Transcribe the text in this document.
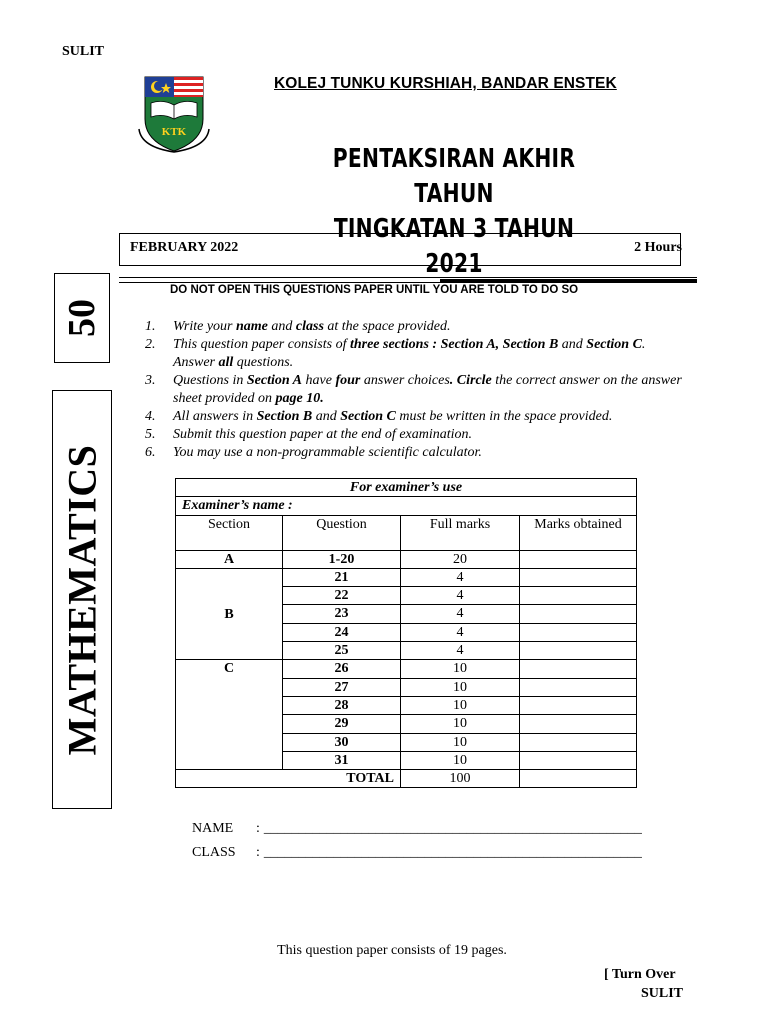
SULIT
KTK
KOLEJ TUNKU KURSHIAH, BANDAR ENSTEK
PENTAKSIRAN AKHIR TAHUN
TINGKATAN 3 TAHUN 2021
FEBRUARY 2022	2 Hours
50
MATHEMATICS
DO NOT OPEN THIS QUESTIONS PAPER UNTIL YOU ARE TOLD TO DO SO
1. Write your name and class at the space provided.
2. This question paper consists of three sections : Section A, Section B and Section C. Answer all questions.
3. Questions in Section A have four answer choices. Circle the correct answer on the answer sheet provided on page 10.
4. All answers in Section B and Section C must be written in the space provided.
5. Submit this question paper at the end of examination.
6. You may use a non-programmable scientific calculator.
For examiner’s use			
Examiner’s name :			
Section	Question	Full marks	Marks obtained
A	1-20	20	
B	21	4	
	22	4	
	23	4	
	24	4	
	25	4	
C	26	10	
	27	10	
	28	10	
	29	10	
	30	10	
	31	10	
TOTAL		100	
NAME : ______________________________________________________
CLASS : ______________________________________________________
This question paper consists of 19 pages.
[ Turn Over
SULIT
